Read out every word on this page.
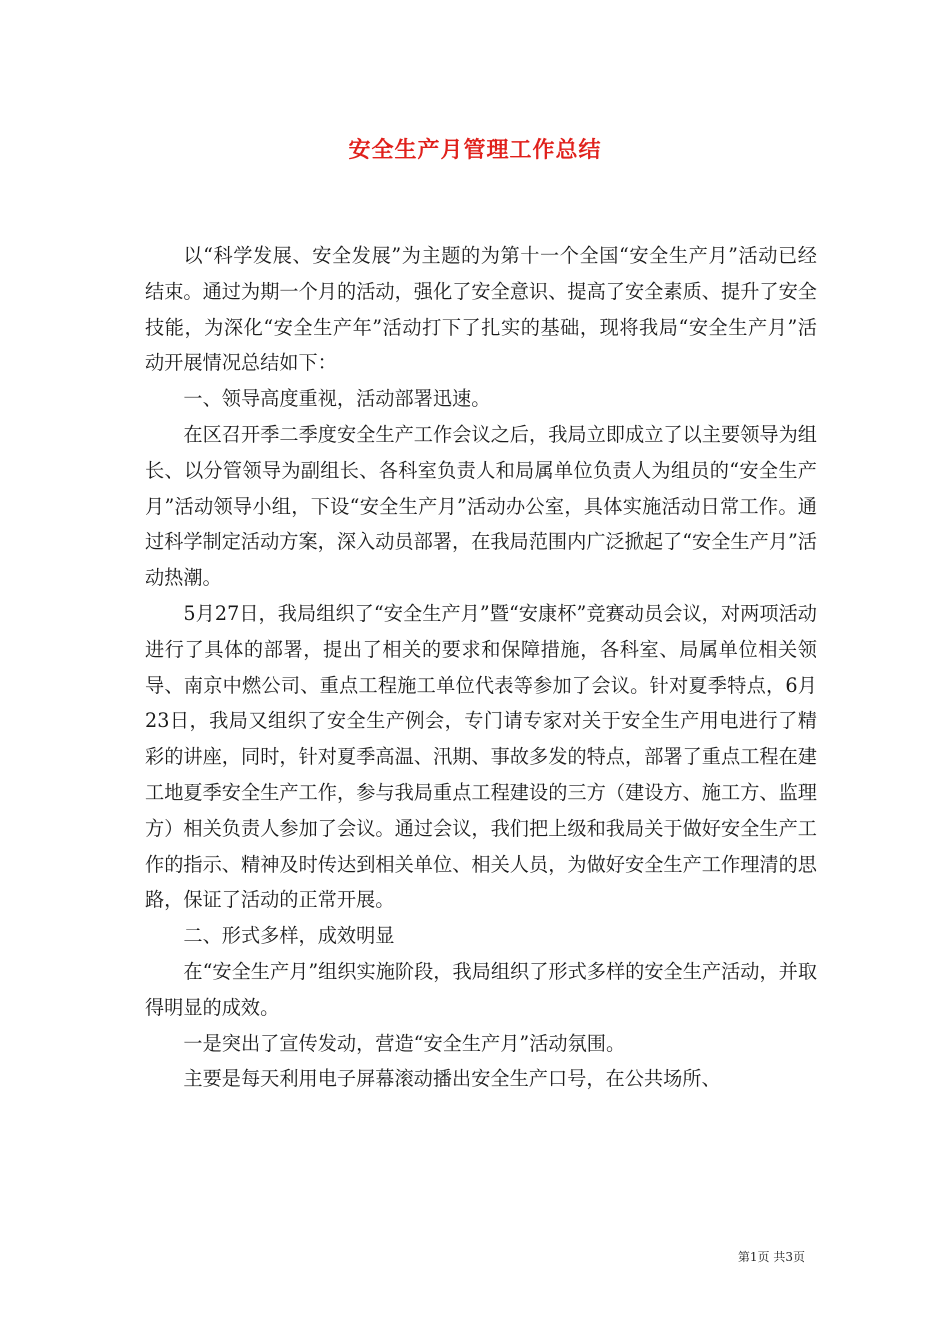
安全生产月管理工作总结

以“科学发展、安全发展”为主题的为第十一个全国“安全生产月”活动已经结束。通过为期一个月的活动，强化了安全意识、提高了安全素质、提升了安全技能，为深化“安全生产年”活动打下了扎实的基础，现将我局“安全生产月”活动开展情况总结如下：

一、领导高度重视，活动部署迅速。

在区召开季二季度安全生产工作会议之后，我局立即成立了以主要领导为组长、以分管领导为副组长、各科室负责人和局属单位负责人为组员的“安全生产月”活动领导小组，下设“安全生产月”活动办公室，具体实施活动日常工作。通过科学制定活动方案，深入动员部署，在我局范围内广泛掀起了“安全生产月”活动热潮。

5月27日，我局组织了“安全生产月”暨“安康杯”竞赛动员会议，对两项活动进行了具体的部署，提出了相关的要求和保障措施，各科室、局属单位相关领导、南京中燃公司、重点工程施工单位代表等参加了会议。针对夏季特点，6月23日，我局又组织了安全生产例会，专门请专家对关于安全生产用电进行了精彩的讲座，同时，针对夏季高温、汛期、事故多发的特点，部署了重点工程在建工地夏季安全生产工作，参与我局重点工程建设的三方（建设方、施工方、监理方）相关负责人参加了会议。通过会议，我们把上级和我局关于做好安全生产工作的指示、精神及时传达到相关单位、相关人员，为做好安全生产工作理清的思路，保证了活动的正常开展。

二、形式多样，成效明显

在“安全生产月”组织实施阶段，我局组织了形式多样的安全生产活动，并取得明显的成效。

一是突出了宣传发动，营造“安全生产月”活动氛围。

主要是每天利用电子屏幕滚动播出安全生产口号，在公共场所、

第1页 共3页
